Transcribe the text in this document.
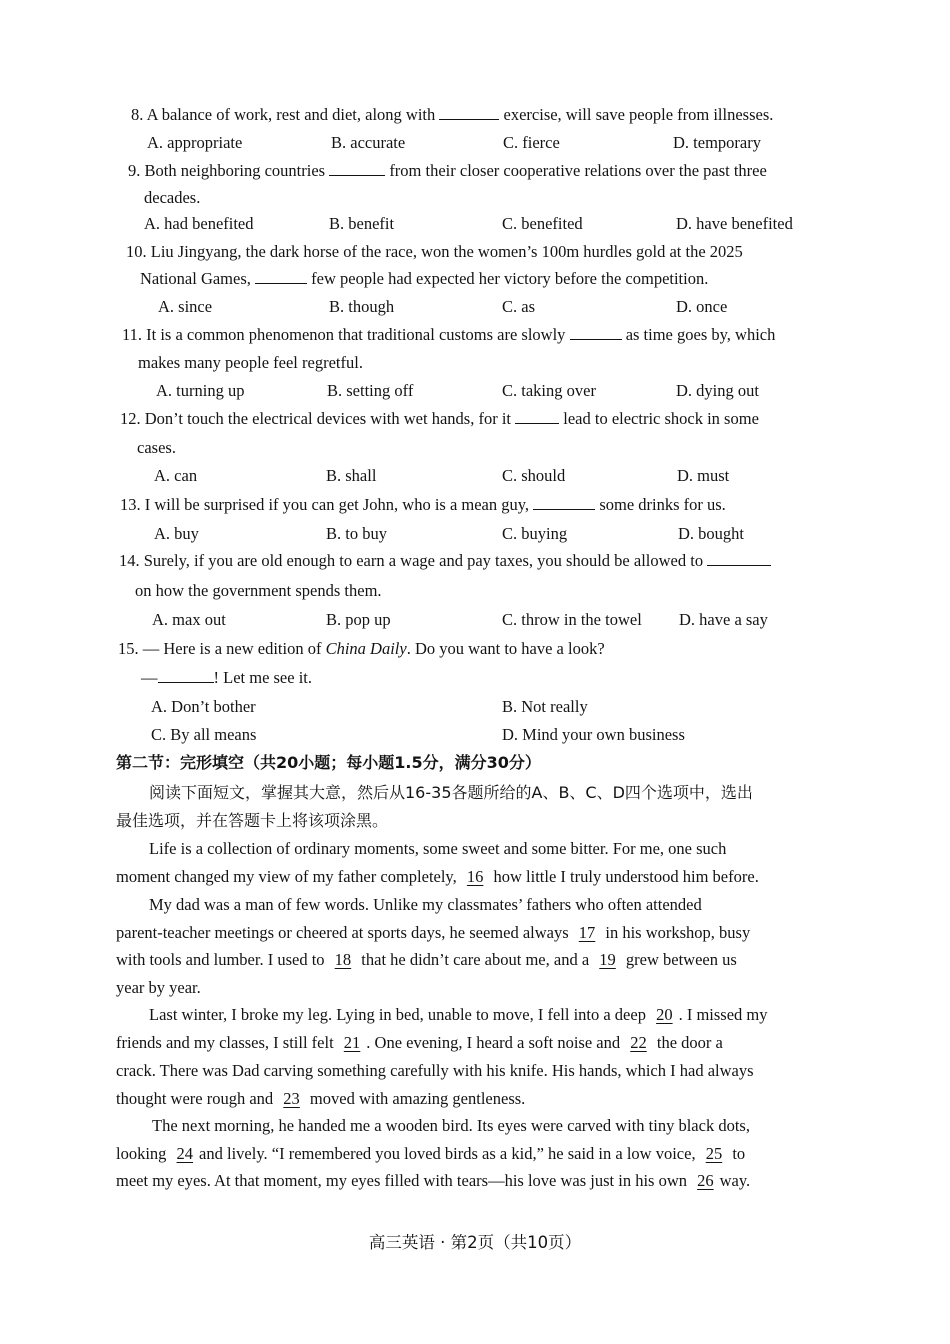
8. A balance of work, rest and diet, along with	exercise, will save people from illnesses.
A. appropriate	B. accurate	C. fierce	D. temporary
9. Both neighboring countries	from their closer cooperative relations over the past three
decades.
A. had benefited	B. benefit	C. benefited	D. have benefited
10. Liu Jingyang, the dark horse of the race, won the women’s 100m hurdles gold at the 2025
National Games,	few people had expected her victory before the competition.
A. since	B. though	C. as	D. once
11. It is a common phenomenon that traditional customs are slowly	as time goes by, which
makes many people feel regretful.
A. turning up	B. setting off	C. taking over	D. dying out
12. Don’t touch the electrical devices with wet hands, for it	lead to electric shock in some
cases.
A. can	B. shall	C. should	D. must
13. I will be surprised if you can get John, who is a mean guy,	some drinks for us.
A. buy	B. to buy	C. buying	D. bought
14. Surely, if you are old enough to earn a wage and pay taxes, you should be allowed to
on how the government spends them.
A. max out	B. pop up	C. throw in the towel D. have a say
15. — Here is a new edition of China Daily. Do you want to have a look?
—	! Let me see it.
A. Don’t bother	B. Not really
C. By all means	D. Mind your own business
第二节：完形填空（共20小题；每小题1.5分，满分30分）
阅读下面短文，掌握其大意，然后从16-35各题所给的A、B、C、D四个选项中，选出
最佳选项，并在答题卡上将该项涂黑。
Life is a collection of ordinary moments, some sweet and some bitter. For me, one such
moment changed my view of my father completely, 16 how little I truly understood him before.
My dad was a man of few words. Unlike my classmates’ fathers who often attended
parent-teacher meetings or cheered at sports days, he seemed always 17 in his workshop, busy
with tools and lumber. I used to 18 that he didn’t care about me, and a 19 grew between us
year by year.
Last winter, I broke my leg. Lying in bed, unable to move, I fell into a deep 20 . I missed my
friends and my classes, I still felt 21 . One evening, I heard a soft noise and 22 the door a
crack. There was Dad carving something carefully with his knife. His hands, which I had always
thought were rough and 23 moved with amazing gentleness.
The next morning, he handed me a wooden bird. Its eyes were carved with tiny black dots,
looking 24 and lively. “I remembered you loved birds as a kid,” he said in a low voice, 25 to
meet my eyes. At that moment, my eyes filled with tears—his love was just in his own 26 way.
高三英语 · 第2页（共10页）
